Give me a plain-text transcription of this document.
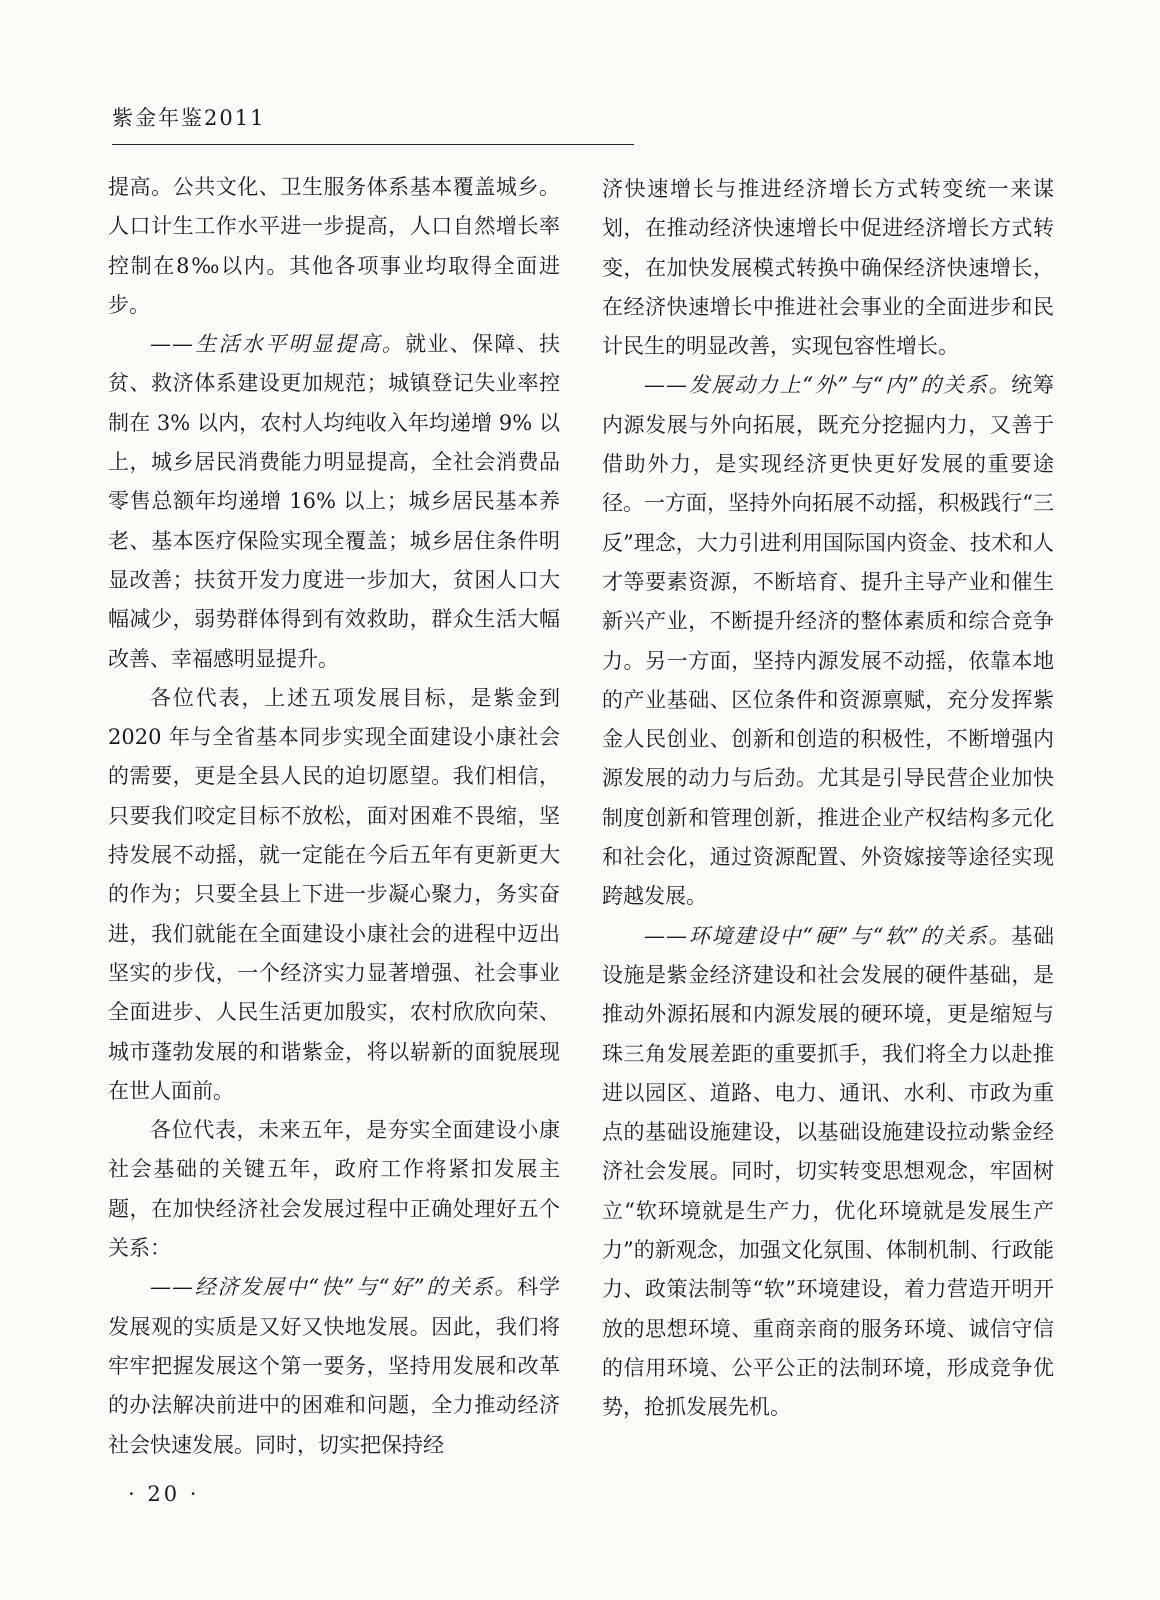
紫金年鉴2011

提高。公共文化、卫生服务体系基本覆盖城乡。人口计生工作水平进一步提高，人口自然增长率控制在8‰以内。其他各项事业均取得全面进步。

——生活水平明显提高。就业、保障、扶贫、救济体系建设更加规范；城镇登记失业率控制在 3% 以内，农村人均纯收入年均递增 9% 以上，城乡居民消费能力明显提高，全社会消费品零售总额年均递增 16% 以上；城乡居民基本养老、基本医疗保险实现全覆盖；城乡居住条件明显改善；扶贫开发力度进一步加大，贫困人口大幅减少，弱势群体得到有效救助，群众生活大幅改善、幸福感明显提升。

各位代表，上述五项发展目标，是紫金到 2020 年与全省基本同步实现全面建设小康社会的需要，更是全县人民的迫切愿望。我们相信，只要我们咬定目标不放松，面对困难不畏缩，坚持发展不动摇，就一定能在今后五年有更新更大的作为；只要全县上下进一步凝心聚力，务实奋进，我们就能在全面建设小康社会的进程中迈出坚实的步伐，一个经济实力显著增强、社会事业全面进步、人民生活更加殷实，农村欣欣向荣、城市蓬勃发展的和谐紫金，将以崭新的面貌展现在世人面前。

各位代表，未来五年，是夯实全面建设小康社会基础的关键五年，政府工作将紧扣发展主题，在加快经济社会发展过程中正确处理好五个关系：

——经济发展中“快”与“好”的关系。科学发展观的实质是又好又快地发展。因此，我们将牢牢把握发展这个第一要务，坚持用发展和改革的办法解决前进中的困难和问题，全力推动经济社会快速发展。同时，切实把保持经

济快速增长与推进经济增长方式转变统一来谋划，在推动经济快速增长中促进经济增长方式转变，在加快发展模式转换中确保经济快速增长，在经济快速增长中推进社会事业的全面进步和民计民生的明显改善，实现包容性增长。

——发展动力上“外”与“内”的关系。统筹内源发展与外向拓展，既充分挖掘内力，又善于借助外力，是实现经济更快更好发展的重要途径。一方面，坚持外向拓展不动摇，积极践行“三反”理念，大力引进利用国际国内资金、技术和人才等要素资源，不断培育、提升主导产业和催生新兴产业，不断提升经济的整体素质和综合竞争力。另一方面，坚持内源发展不动摇，依靠本地的产业基础、区位条件和资源禀赋，充分发挥紫金人民创业、创新和创造的积极性，不断增强内源发展的动力与后劲。尤其是引导民营企业加快制度创新和管理创新，推进企业产权结构多元化和社会化，通过资源配置、外资嫁接等途径实现跨越发展。

——环境建设中“硬”与“软”的关系。基础设施是紫金经济建设和社会发展的硬件基础，是推动外源拓展和内源发展的硬环境，更是缩短与珠三角发展差距的重要抓手，我们将全力以赴推进以园区、道路、电力、通讯、水利、市政为重点的基础设施建设，以基础设施建设拉动紫金经济社会发展。同时，切实转变思想观念，牢固树立“软环境就是生产力，优化环境就是发展生产力”的新观念，加强文化氛围、体制机制、行政能力、政策法制等“软”环境建设，着力营造开明开放的思想环境、重商亲商的服务环境、诚信守信的信用环境、公平公正的法制环境，形成竞争优势，抢抓发展先机。

· 20 ·
